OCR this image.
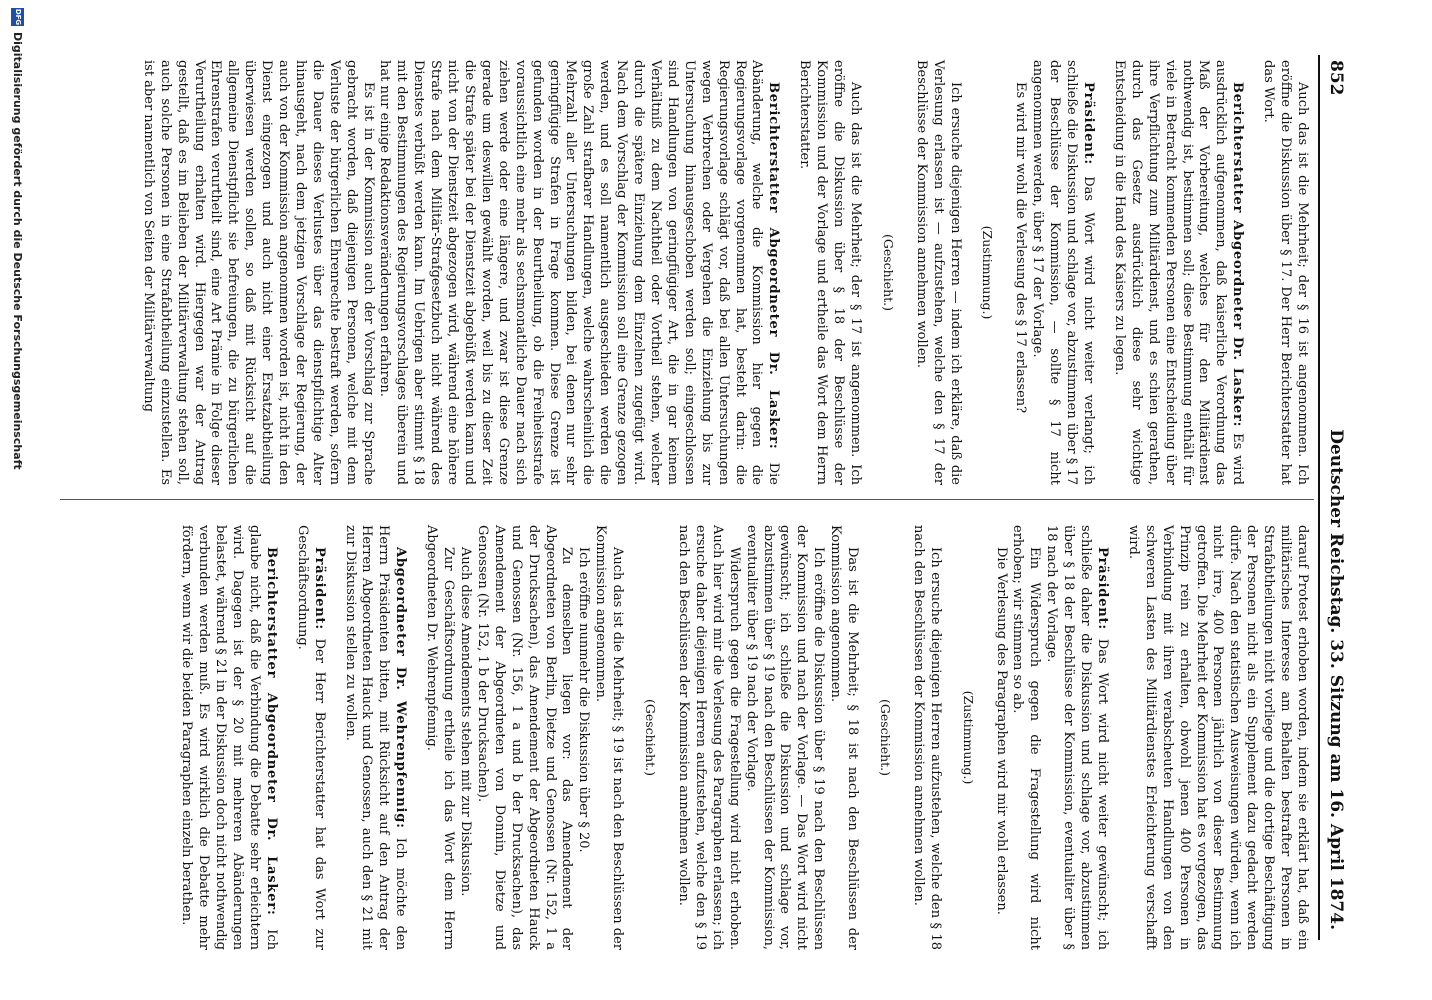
852
Deutscher Reichstag. 33. Sitzung am 16. April 1874.

Auch das ist die Mehrheit; der § 16 ist angenommen. Ich eröffne die Diskussion über § 17. Der Herr Berichterstatter hat das Wort.

Berichterstatter Abgeordneter Dr. Lasker: Es wird ausdrücklich aufgenommen, daß kaiserliche Verordnung das Maß der Vorbereitung, welches für den Militärdienst nothwendig ist, bestimmen soll; diese Bestimmung enthält für viele in Betracht kommenden Personen eine Entscheidung über ihre Verpflichtung zum Militärdienst, und es schien gerathen, durch das Gesetz ausdrücklich diese sehr wichtige Entscheidung in die Hand des Kaisers zu legen.

Präsident: Das Wort wird nicht weiter verlangt; ich schließe die Diskussion und schlage vor, abzustimmen über § 17 der Beschlüsse der Kommission, — sollte § 17 nicht angenommen werden, über § 17 der Vorlage.

Es wird mir wohl die Verlesung des § 17 erlassen?

(Zustimmung.)

Ich ersuche diejenigen Herren — indem ich erkläre, daß die Verlesung erlassen ist — aufzustehen, welche den § 17 der Beschlüsse der Kommission annehmen wollen.

(Geschieht.)

Auch das ist die Mehrheit; der § 17 ist angenommen. Ich eröffne die Diskussion über § 18 der Beschlüsse der Kommission und der Vorlage und ertheile das Wort dem Herrn Berichterstatter.

Berichterstatter Abgeordneter Dr. Lasker: Die Abänderung, welche die Kommission hier gegen die Regierungsvorlage vorgenommen hat, besteht darin: die Regierungsvorlage schlägt vor, daß bei allen Untersuchungen wegen Verbrechen oder Vergehen die Einziehung bis zur Untersuchung hinausgeschoben werden soll; eingeschlossen sind Handlungen von geringfügiger Art, die in gar keinem Verhältniß zu dem Nachtheil oder Vortheil stehen, welcher durch die spätere Einziehung dem Einzelnen zugefügt wird. Nach dem Vorschlag der Kommission soll eine Grenze gezogen werden, und es soll namentlich ausgeschieden werden die große Zahl strafbarer Handlungen, welche wahrscheinlich die Mehrzahl aller Untersuchungen bilden, bei denen nur sehr geringfügige Strafen in Frage kommen. Diese Grenze ist gefunden worden in der Beurtheilung, ob die Freiheitsstrafe voraussichtlich eine mehr als sechsmonatliche Dauer nach sich ziehen werde oder eine längere, und zwar ist diese Grenze gerade um deswillen gewählt worden, weil bis zu dieser Zeit die Strafe später bei der Dienstzeit abgebüßt werden kann und nicht von der Dienstzeit abgezogen wird, während eine höhere Strafe nach dem Militär-Strafgesetzbuch nicht während des Dienstes verbüßt werden kann. Im Uebrigen aber stimmt § 18 mit den Bestimmungen des Regierungsvorschlages überein und hat nur einige Redaktionsveränderungen erfahren.

Es ist in der Kommission auch der Vorschlag zur Sprache gebracht worden, daß diejenigen Personen, welche mit dem Verluste der bürgerlichen Ehrenrechte bestraft werden, sofern die Dauer dieses Verlustes über das dienstpflichtige Alter hinausgeht, nach dem jetzigen Vorschlage der Regierung, der auch von der Kommission angenommen worden ist, nicht in den Dienst eingezogen und auch nicht einer Ersatzabtheilung überwiesen werden sollen, so daß mit Rücksicht auf die allgemeine Dienstpflicht sie befreiungen, die zu bürgerlichen Ehrenstrafen verurtheilt sind, eine Art Prämie in Folge dieser Verurtheilung erhalten wird. Hiergegen war der Antrag gestellt, daß es im Belieben der Militärverwaltung stehen soll, auch solche Personen in eine Strafabtheilung einzustellen. Es ist aber namentlich von Seiten der Militärverwaltung

darauf Protest erhoben worden, indem sie erklärt hat, daß ein militärisches Interesse am Behalten bestrafter Personen in Strafabtheilungen nicht vorliege und die dortige Beschäftigung der Personen nicht als ein Supplement dazu gedacht werden dürfe. Nach den statistischen Ausweisungen würden, wenn ich nicht irre, 400 Personen jährlich von dieser Bestimmung getroffen. Die Mehrheit der Kommission hat es vorgezogen, das Prinzip rein zu erhalten, obwohl jenen 400 Personen in Verbindung mit ihren verabscheuten Handlungen von den schweren Lasten des Militärdienstes Erleichterung verschafft wird.

Präsident: Das Wort wird nicht weiter gewünscht; ich schließe daher die Diskussion und schlage vor, abzustimmen über § 18 der Beschlüsse der Kommission, eventualiter über § 18 nach der Vorlage.

Ein Widerspruch gegen die Fragestellung wird nicht erhoben; wir stimmen so ab.

Die Verlesung des Paragraphen wird mir wohl erlassen.

(Zustimmung.)

Ich ersuche diejenigen Herren aufzustehen, welche den § 18 nach den Beschlüssen der Kommission annehmen wollen.

(Geschieht.)

Das ist die Mehrheit; § 18 ist nach den Beschlüssen der Kommission angenommen.

Ich eröffne die Diskussion über § 19 nach den Beschlüssen der Kommission und nach der Vorlage. — Das Wort wird nicht gewünscht; ich schließe die Diskussion und schlage vor, abzustimmen über § 19 nach den Beschlüssen der Kommission, eventualiter über § 19 nach der Vorlage.

Widerspruch gegen die Fragestellung wird nicht erhoben. Auch hier wird mir die Verlesung des Paragraphen erlassen; ich ersuche daher diejenigen Herren aufzustehen, welche den § 19 nach den Beschlüssen der Kommission annehmen wollen.

(Geschieht.)

Auch das ist die Mehrheit; § 19 ist nach den Beschlüssen der Kommission angenommen.

Ich eröffne nunmehr die Diskussion über § 20.

Zu demselben liegen vor: das Amendement der Abgeordneten von Berlin, Dietze und Genossen (Nr. 152, 1 a der Drucksachen), das Amendement der Abgeordneten Hauck und Genossen (Nr. 156, 1 a und b der Drucksachen), das Amendement der Abgeordneten von Donnin, Dietze und Genossen (Nr. 152, 1 b der Drucksachen).

Auch diese Amendements stehen mit zur Diskussion.

Zur Geschäftsordnung ertheile ich das Wort dem Herrn Abgeordneten Dr. Wehrenpfennig.

Abgeordneter Dr. Wehrenpfennig: Ich möchte den Herrn Präsidenten bitten, mit Rücksicht auf den Antrag der Herren Abgeordneten Hauck und Genossen, auch den § 21 mit zur Diskussion stellen zu wollen.

Präsident: Der Herr Berichterstatter hat das Wort zur Geschäftsordnung.

Berichterstatter Abgeordneter Dr. Lasker: Ich glaube nicht, daß die Verbindung die Debatte sehr erleichtern wird. Dagegen ist der § 20 mit mehreren Abänderungen belastet, während § 21 in der Diskussion doch nicht nothwendig verbunden werden muß. Es wird wirklich die Debatte mehr fördern, wenn wir die beiden Paragraphen einzeln berathen.

DFG
Digitalisierung gefördert durch die Deutsche Forschungsgemeinschaft
